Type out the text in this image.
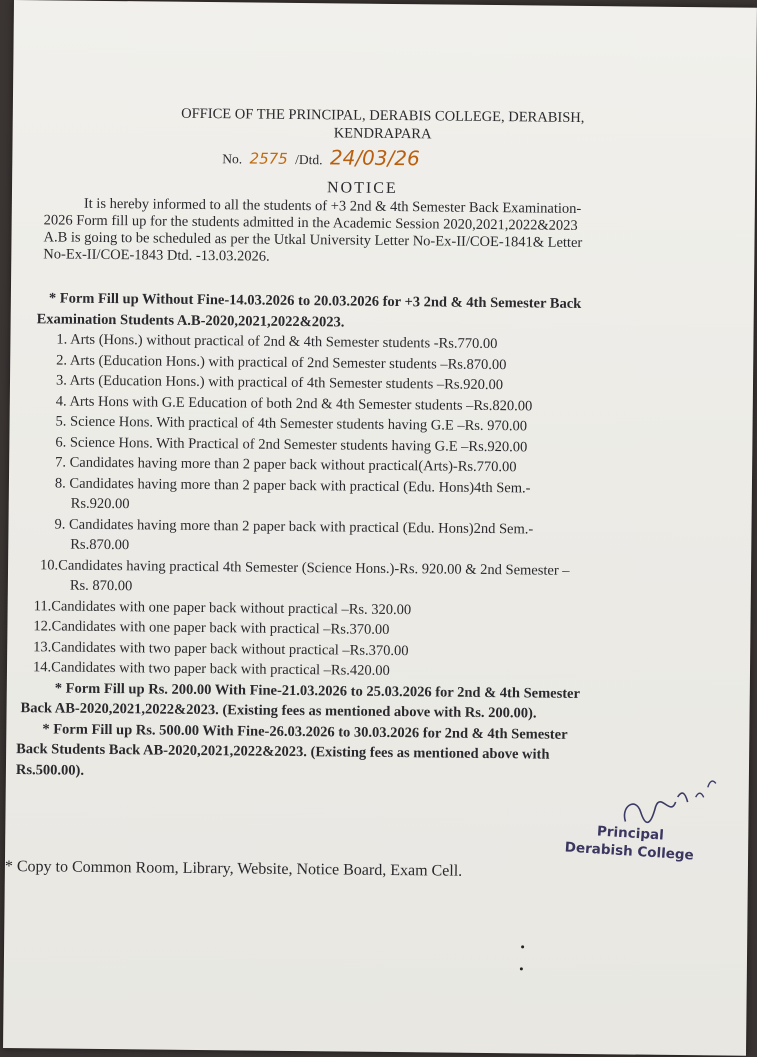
OFFICE OF THE PRINCIPAL, DERABIS COLLEGE, DERABISH,
KENDRAPARA
No. 2575 /Dtd. 24/03/26
NOTICE
It is hereby informed to all the students of +3 2nd & 4th Semester Back Examination-
2026 Form fill up for the students admitted in the Academic Session 2020,2021,2022&2023
A.B is going to be scheduled as per the Utkal University Letter No-Ex-II/COE-1841& Letter
No-Ex-II/COE-1843 Dtd. -13.03.2026.
* Form Fill up Without Fine-14.03.2026 to 20.03.2026 for +3 2nd & 4th Semester Back
Examination Students A.B-2020,2021,2022&2023.
1. Arts (Hons.) without practical of 2nd & 4th Semester students -Rs.770.00
2. Arts (Education Hons.) with practical of 2nd Semester students –Rs.870.00
3. Arts (Education Hons.) with practical of 4th Semester students –Rs.920.00
4. Arts Hons with G.E Education of both 2nd & 4th Semester students –Rs.820.00
5. Science Hons. With practical of 4th Semester students having G.E –Rs. 970.00
6. Science Hons. With Practical of 2nd Semester students having G.E –Rs.920.00
7. Candidates having more than 2 paper back without practical(Arts)-Rs.770.00
8. Candidates having more than 2 paper back with practical (Edu. Hons)4th Sem.-
Rs.920.00
9. Candidates having more than 2 paper back with practical (Edu. Hons)2nd Sem.-
Rs.870.00
10.Candidates having practical 4th Semester (Science Hons.)-Rs. 920.00 & 2nd Semester –
Rs. 870.00
11.Candidates with one paper back without practical –Rs. 320.00
12.Candidates with one paper back with practical –Rs.370.00
13.Candidates with two paper back without practical –Rs.370.00
14.Candidates with two paper back with practical –Rs.420.00
* Form Fill up Rs. 200.00 With Fine-21.03.2026 to 25.03.2026 for 2nd & 4th Semester
Back AB-2020,2021,2022&2023. (Existing fees as mentioned above with Rs. 200.00).
* Form Fill up Rs. 500.00 With Fine-26.03.2026 to 30.03.2026 for 2nd & 4th Semester
Back Students Back AB-2020,2021,2022&2023. (Existing fees as mentioned above with
Rs.500.00).
Principal
Derabish College
* Copy to Common Room, Library, Website, Notice Board, Exam Cell.
